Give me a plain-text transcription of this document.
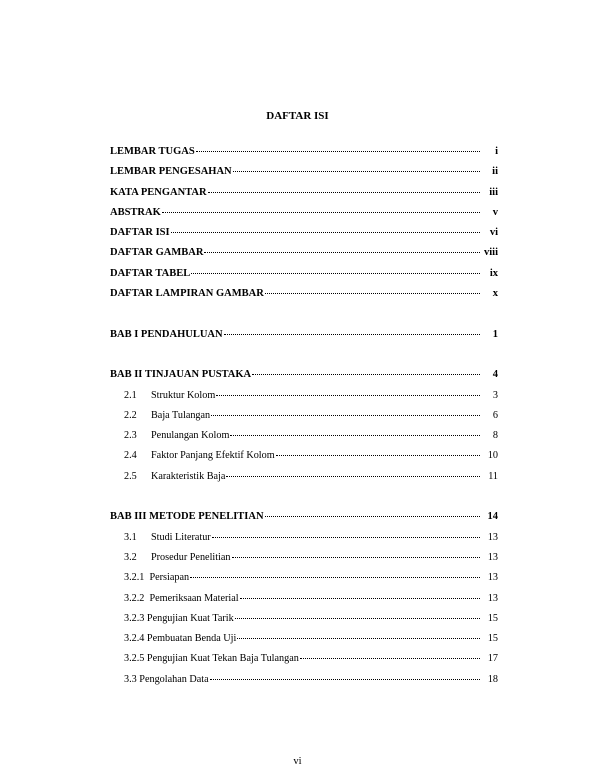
DAFTAR ISI
LEMBAR TUGAS	i
LEMBAR PENGESAHAN	ii
KATA PENGANTAR	iii
ABSTRAK	v
DAFTAR ISI	vi
DAFTAR GAMBAR	viii
DAFTAR TABEL	ix
DAFTAR LAMPIRAN GAMBAR	x
BAB I PENDAHULUAN	1
BAB II TINJAUAN PUSTAKA	4
2.1	Struktur Kolom	3
2.2	Baja Tulangan	6
2.3	Penulangan Kolom	8
2.4	Faktor Panjang Efektif Kolom	10
2.5	Karakteristik Baja	11
BAB III METODE PENELITIAN	14
3.1	Studi Literatur	13
3.2	Prosedur Penelitian	13
3.2.1  Persiapan	13
3.2.2  Pemeriksaan Material	13
3.2.3 Pengujian Kuat Tarik	15
3.2.4 Pembuatan Benda Uji	15
3.2.5 Pengujian Kuat Tekan Baja Tulangan	17
3.3 Pengolahan Data	18
vi
